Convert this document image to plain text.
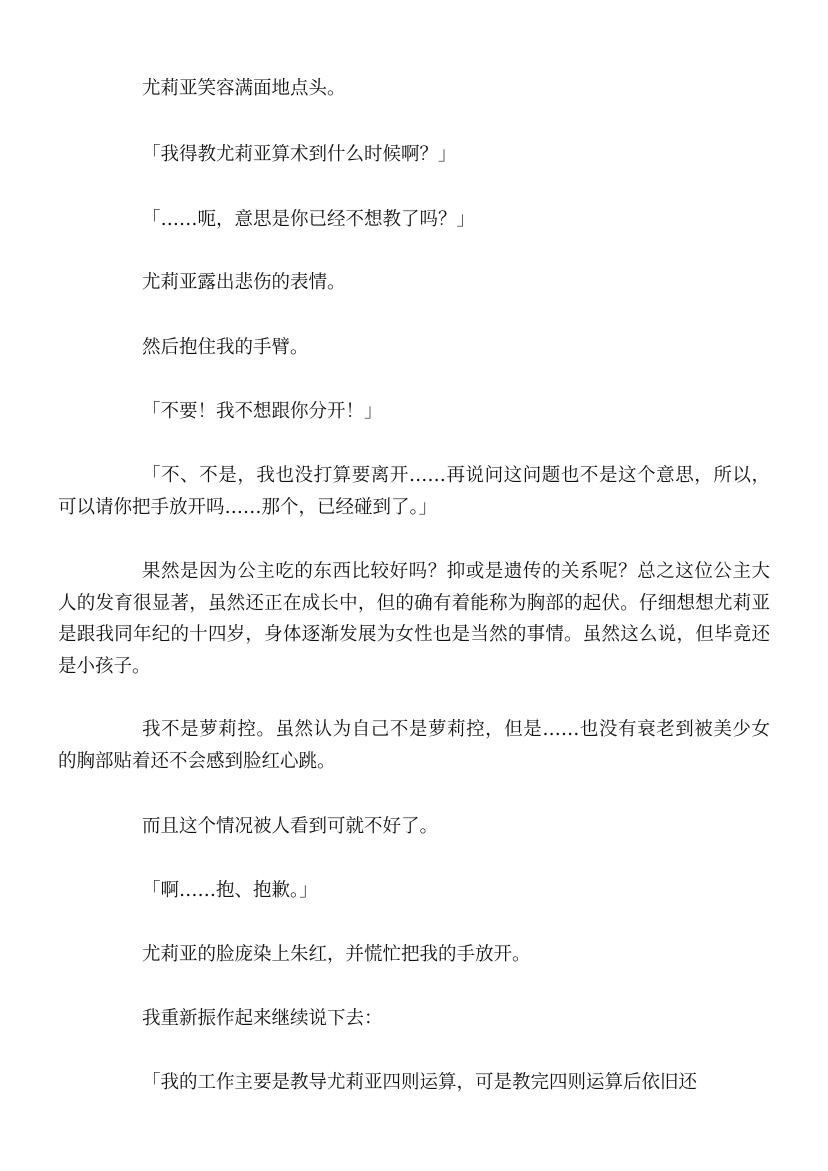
尤莉亚笑容满面地点头。

「我得教尤莉亚算术到什么时候啊？」

「……呃，意思是你已经不想教了吗？」

尤莉亚露出悲伤的表情。

然后抱住我的手臂。

「不要！我不想跟你分开！」

「不、不是，我也没打算要离开……再说问这问题也不是这个意思，所以，可以请你把手放开吗……那个，已经碰到了。」

果然是因为公主吃的东西比较好吗？抑或是遗传的关系呢？总之这位公主大人的发育很显著，虽然还正在成长中，但的确有着能称为胸部的起伏。仔细想想尤莉亚是跟我同年纪的十四岁，身体逐渐发展为女性也是当然的事情。虽然这么说，但毕竟还是小孩子。

我不是萝莉控。虽然认为自己不是萝莉控，但是……也没有衰老到被美少女的胸部贴着还不会感到脸红心跳。

而且这个情况被人看到可就不好了。

「啊……抱、抱歉。」

尤莉亚的脸庞染上朱红，并慌忙把我的手放开。

我重新振作起来继续说下去：

「我的工作主要是教导尤莉亚四则运算，可是教完四则运算后依旧还
